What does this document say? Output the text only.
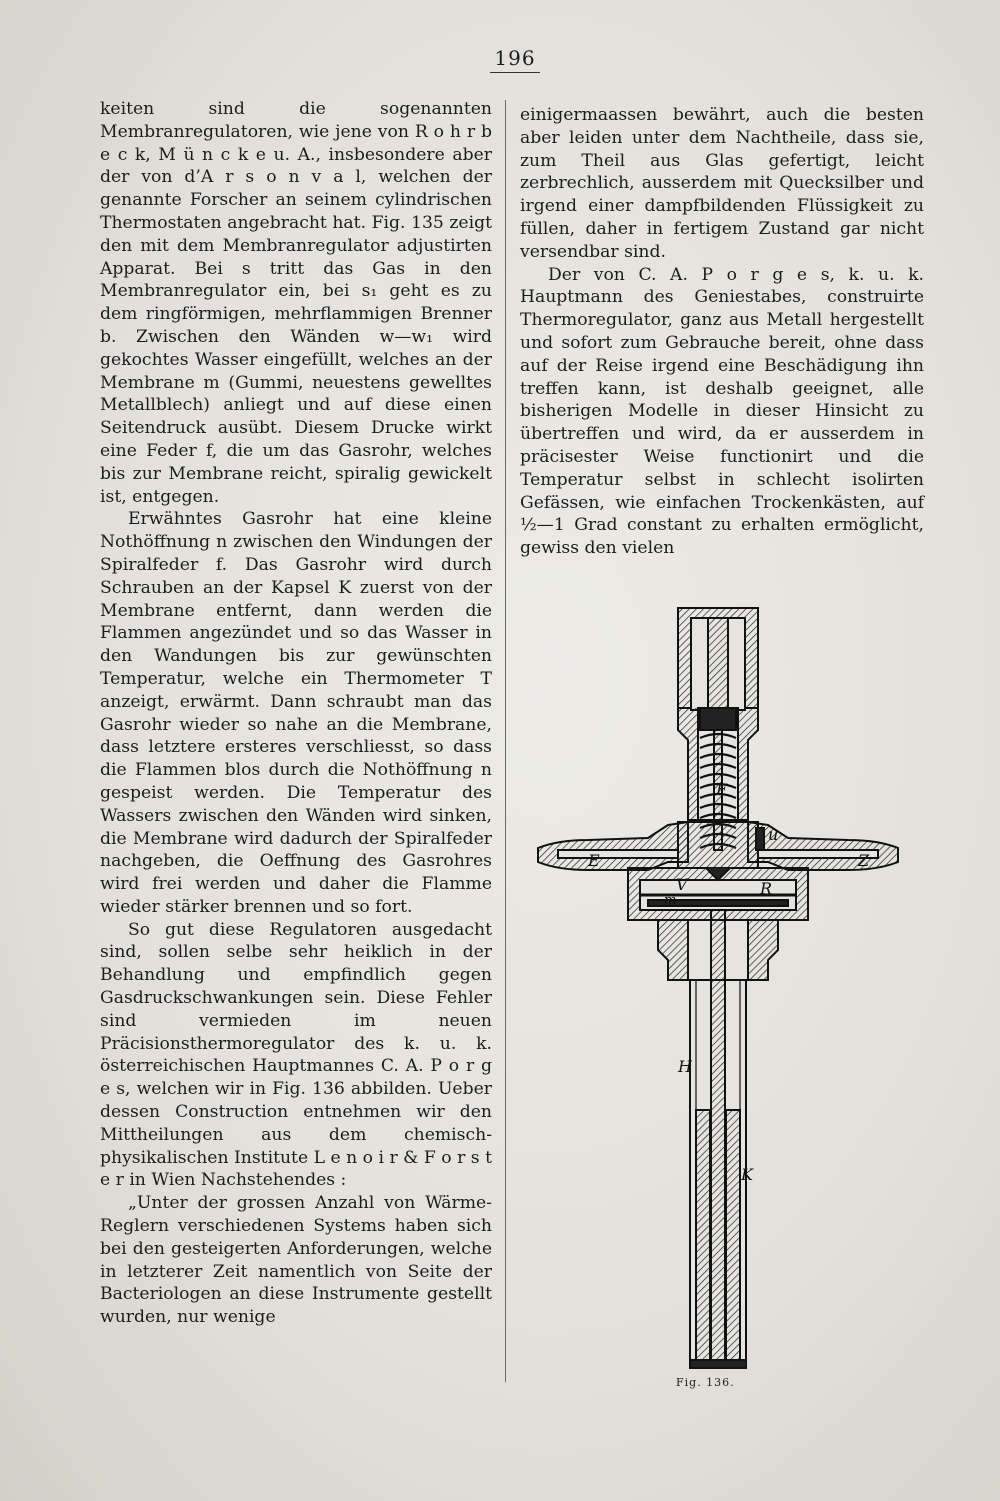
196

keiten sind die sogenannten Membranregulatoren, wie jene von R o h r b e c k, M ü n c k e u. A., insbesondere aber der von d’A r s o n v a l, welchen der genannte Forscher an seinem cylindrischen Thermostaten angebracht hat. Fig. 135 zeigt den mit dem Membranregulator adjustirten Apparat. Bei s tritt das Gas in den Membranregulator ein, bei s₁ geht es zu dem ringförmigen, mehrflammigen Brenner b. Zwischen den Wänden w—w₁ wird gekochtes Wasser eingefüllt, welches an der Membrane m (Gummi, neuestens gewelltes Metallblech) anliegt und auf diese einen Seitendruck ausübt. Diesem Drucke wirkt eine Feder f, die um das Gasrohr, welches bis zur Membrane reicht, spiralig gewickelt ist, entgegen.

Erwähntes Gasrohr hat eine kleine Nothöffnung n zwischen den Windungen der Spiralfeder f. Das Gasrohr wird durch Schrauben an der Kapsel K zuerst von der Membrane entfernt, dann werden die Flammen angezündet und so das Wasser in den Wandungen bis zur gewünschten Temperatur, welche ein Thermometer T anzeigt, erwärmt. Dann schraubt man das Gasrohr wieder so nahe an die Membrane, dass letztere ersteres verschliesst, so dass die Flammen blos durch die Nothöffnung n gespeist werden. Die Temperatur des Wassers zwischen den Wänden wird sinken, die Membrane wird dadurch der Spiralfeder nachgeben, die Oeffnung des Gasrohres wird frei werden und daher die Flamme wieder stärker brennen und so fort.

So gut diese Regulatoren ausgedacht sind, sollen selbe sehr heiklich in der Behandlung und empfindlich gegen Gasdruckschwankungen sein. Diese Fehler sind vermieden im neuen Präcisionsthermoregulator des k. u. k. österreichischen Hauptmannes C. A. P o r g e s, welchen wir in Fig. 136 abbilden. Ueber dessen Construction entnehmen wir den Mittheilungen aus dem chemisch-physikalischen Institute L e n o i r & F o r s t e r in Wien Nachstehendes :

„Unter der grossen Anzahl von Wärme-Reglern verschiedenen Systems haben sich bei den gesteigerten Anforderungen, welche in letzterer Zeit namentlich von Seite der Bacteriologen an diese Instrumente gestellt wurden, nur wenige

einigermaassen bewährt, auch die besten aber leiden unter dem Nachtheile, dass sie, zum Theil aus Glas gefertigt, leicht zerbrechlich, ausserdem mit Quecksilber und irgend einer dampfbildenden Flüssigkeit zu füllen, daher in fertigem Zustand gar nicht versendbar sind.

Der von C. A. P o r g e s, k. u. k. Hauptmann des Geniestabes, construirte Thermoregulator, ganz aus Metall hergestellt und sofort zum Gebrauche bereit, ohne dass auf der Reise irgend eine Beschädigung ihn treffen kann, ist deshalb geeignet, alle bisherigen Modelle in dieser Hinsicht zu übertreffen und wird, da er ausserdem in präcisester Weise functionirt und die Temperatur selbst in schlecht isolirten Gefässen, wie einfachen Trockenkästen, auf ½—1 Grad constant zu erhalten ermöglicht, gewiss den vielen

F
u
E	Z
V	R
m
H
K
Fig. 136.
